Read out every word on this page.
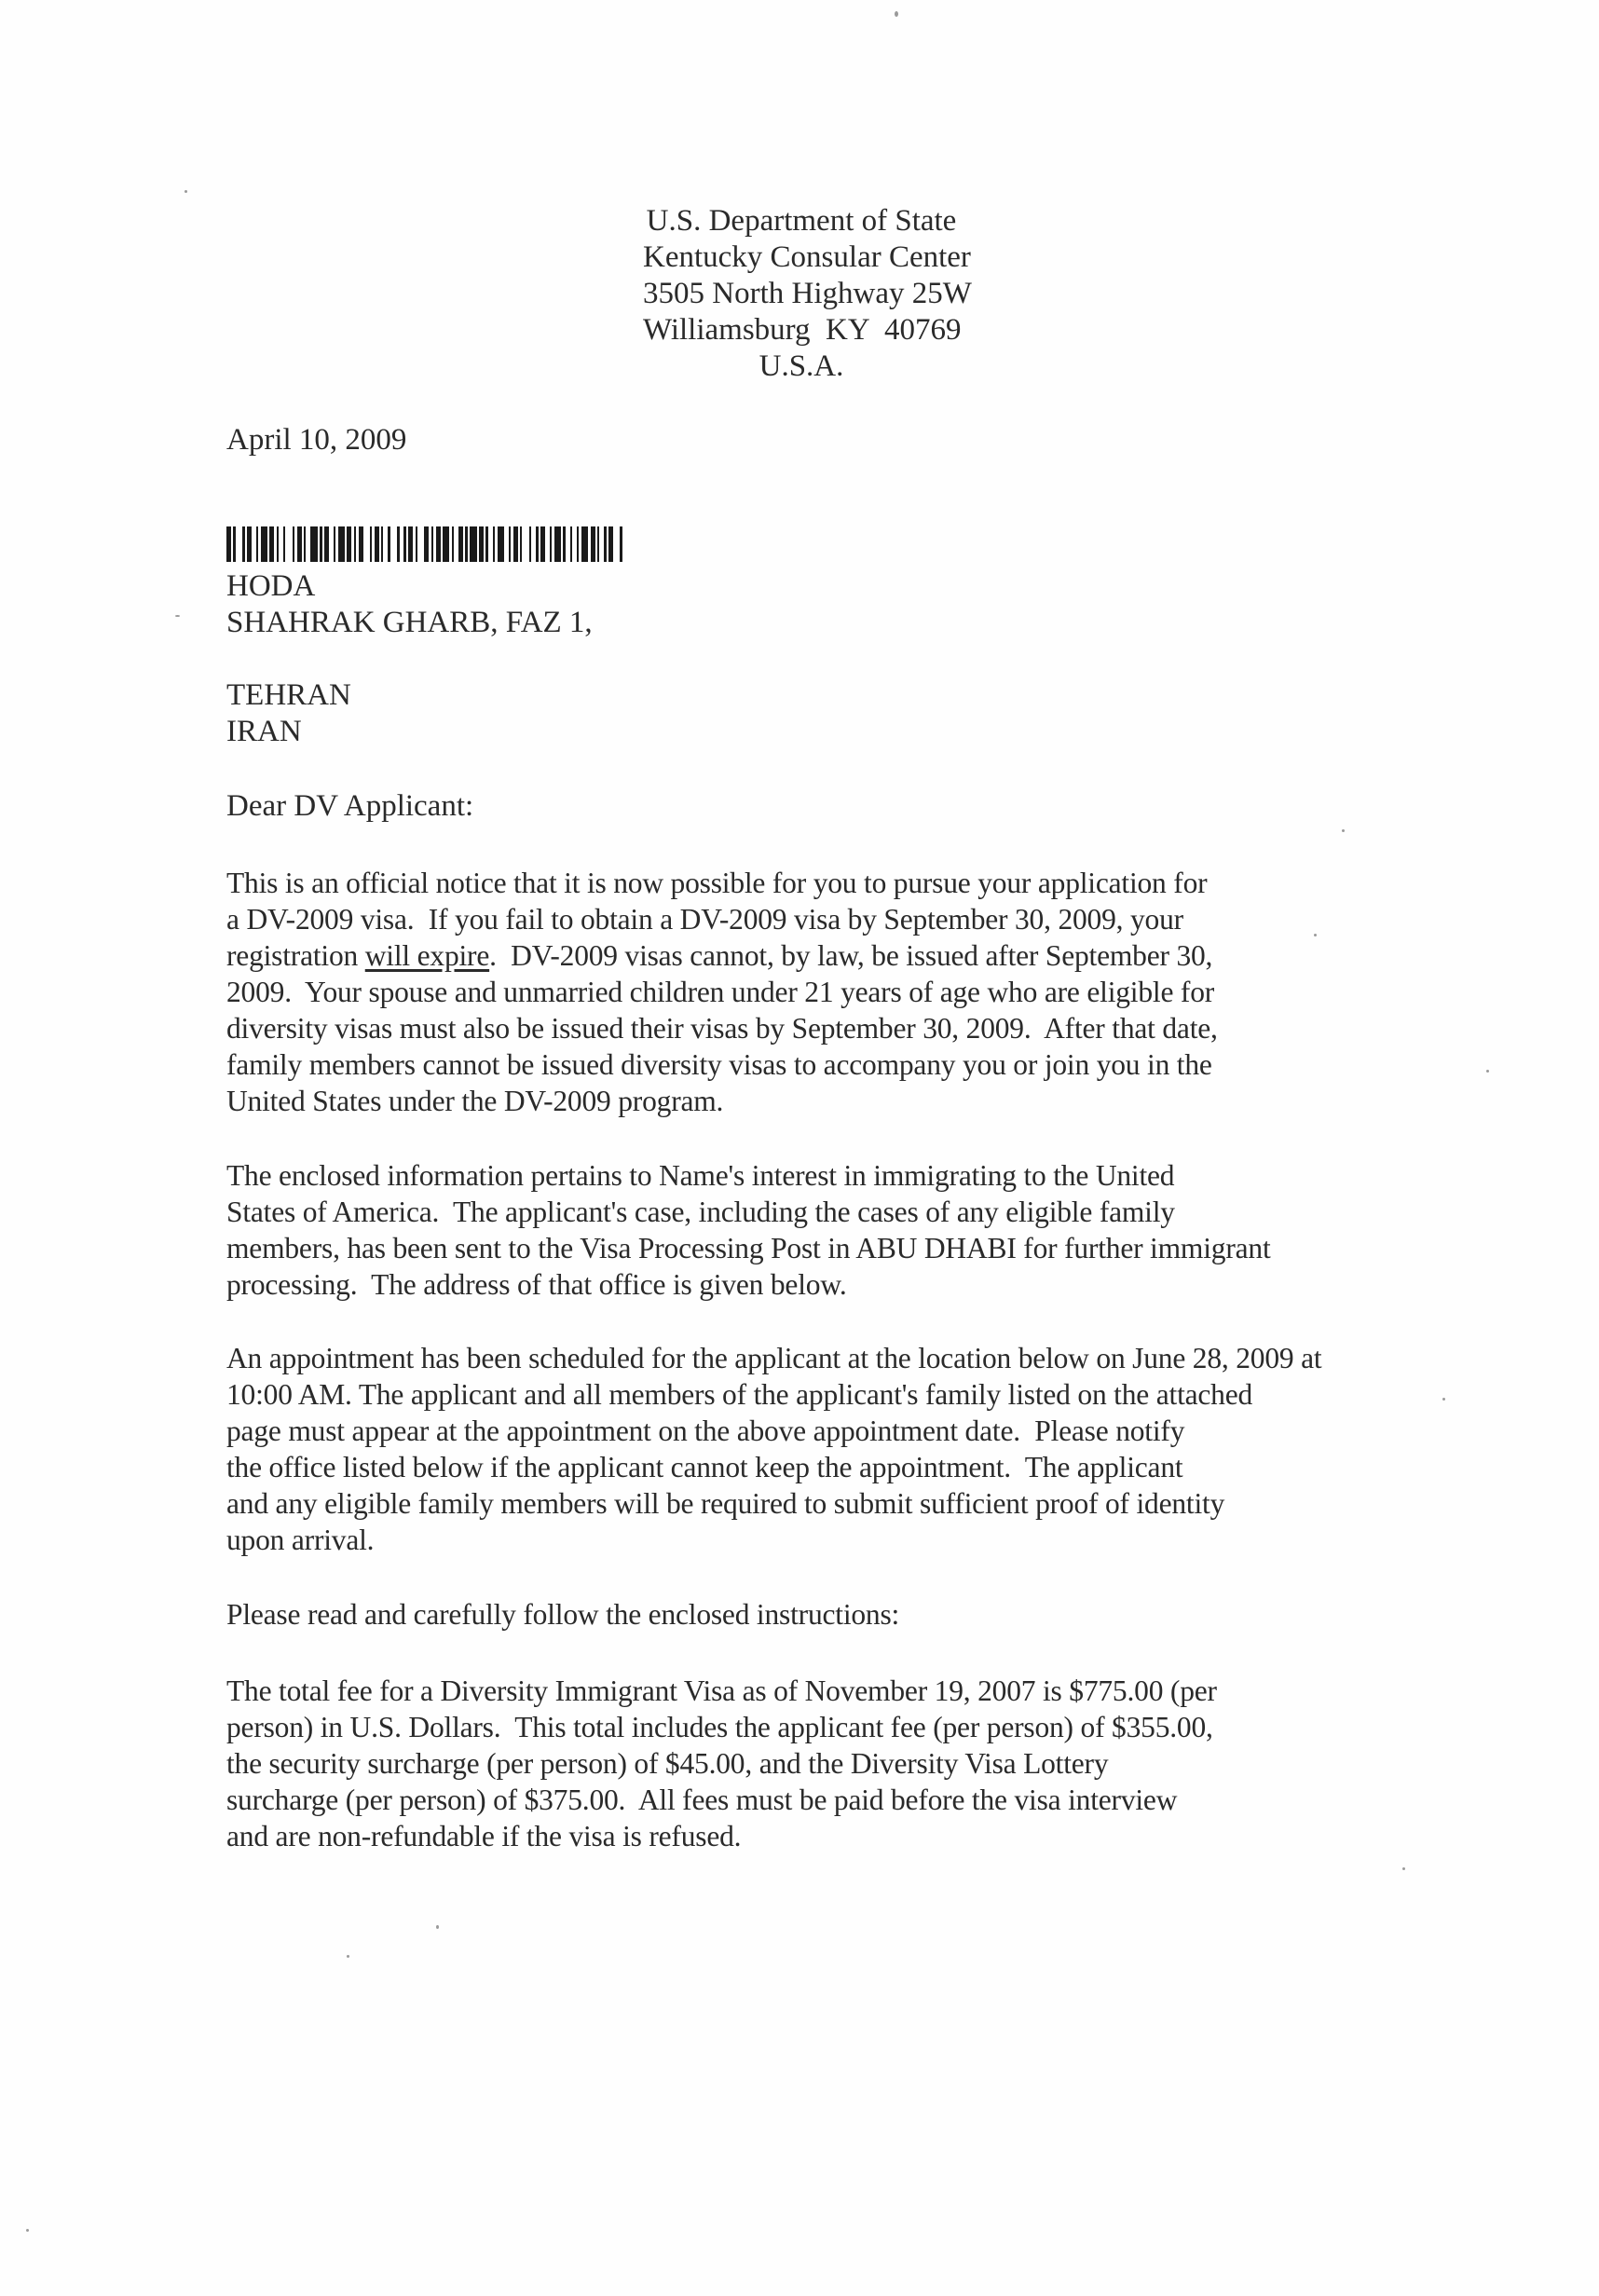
U.S. Department of State
Kentucky Consular Center
3505 North Highway 25W
Williamsburg  KY  40769
U.S.A.
April 10, 2009
HODA
SHAHRAK GHARB, FAZ 1,
TEHRAN
IRAN
Dear DV Applicant:
This is an official notice that it is now possible for you to pursue your application for
a DV-2009 visa.  If you fail to obtain a DV-2009 visa by September 30, 2009, your
registration will expire.  DV-2009 visas cannot, by law, be issued after September 30,
2009.  Your spouse and unmarried children under 21 years of age who are eligible for
diversity visas must also be issued their visas by September 30, 2009.  After that date,
family members cannot be issued diversity visas to accompany you or join you in the
United States under the DV-2009 program.
The enclosed information pertains to Name's interest in immigrating to the United
States of America.  The applicant's case, including the cases of any eligible family
members, has been sent to the Visa Processing Post in ABU DHABI for further immigrant
processing.  The address of that office is given below.
An appointment has been scheduled for the applicant at the location below on June 28, 2009 at
10:00 AM. The applicant and all members of the applicant's family listed on the attached
page must appear at the appointment on the above appointment date.  Please notify
the office listed below if the applicant cannot keep the appointment.  The applicant
and any eligible family members will be required to submit sufficient proof of identity
upon arrival.
Please read and carefully follow the enclosed instructions:
The total fee for a Diversity Immigrant Visa as of November 19, 2007 is $775.00 (per
person) in U.S. Dollars.  This total includes the applicant fee (per person) of $355.00,
the security surcharge (per person) of $45.00, and the Diversity Visa Lottery
surcharge (per person) of $375.00.  All fees must be paid before the visa interview
and are non-refundable if the visa is refused.
